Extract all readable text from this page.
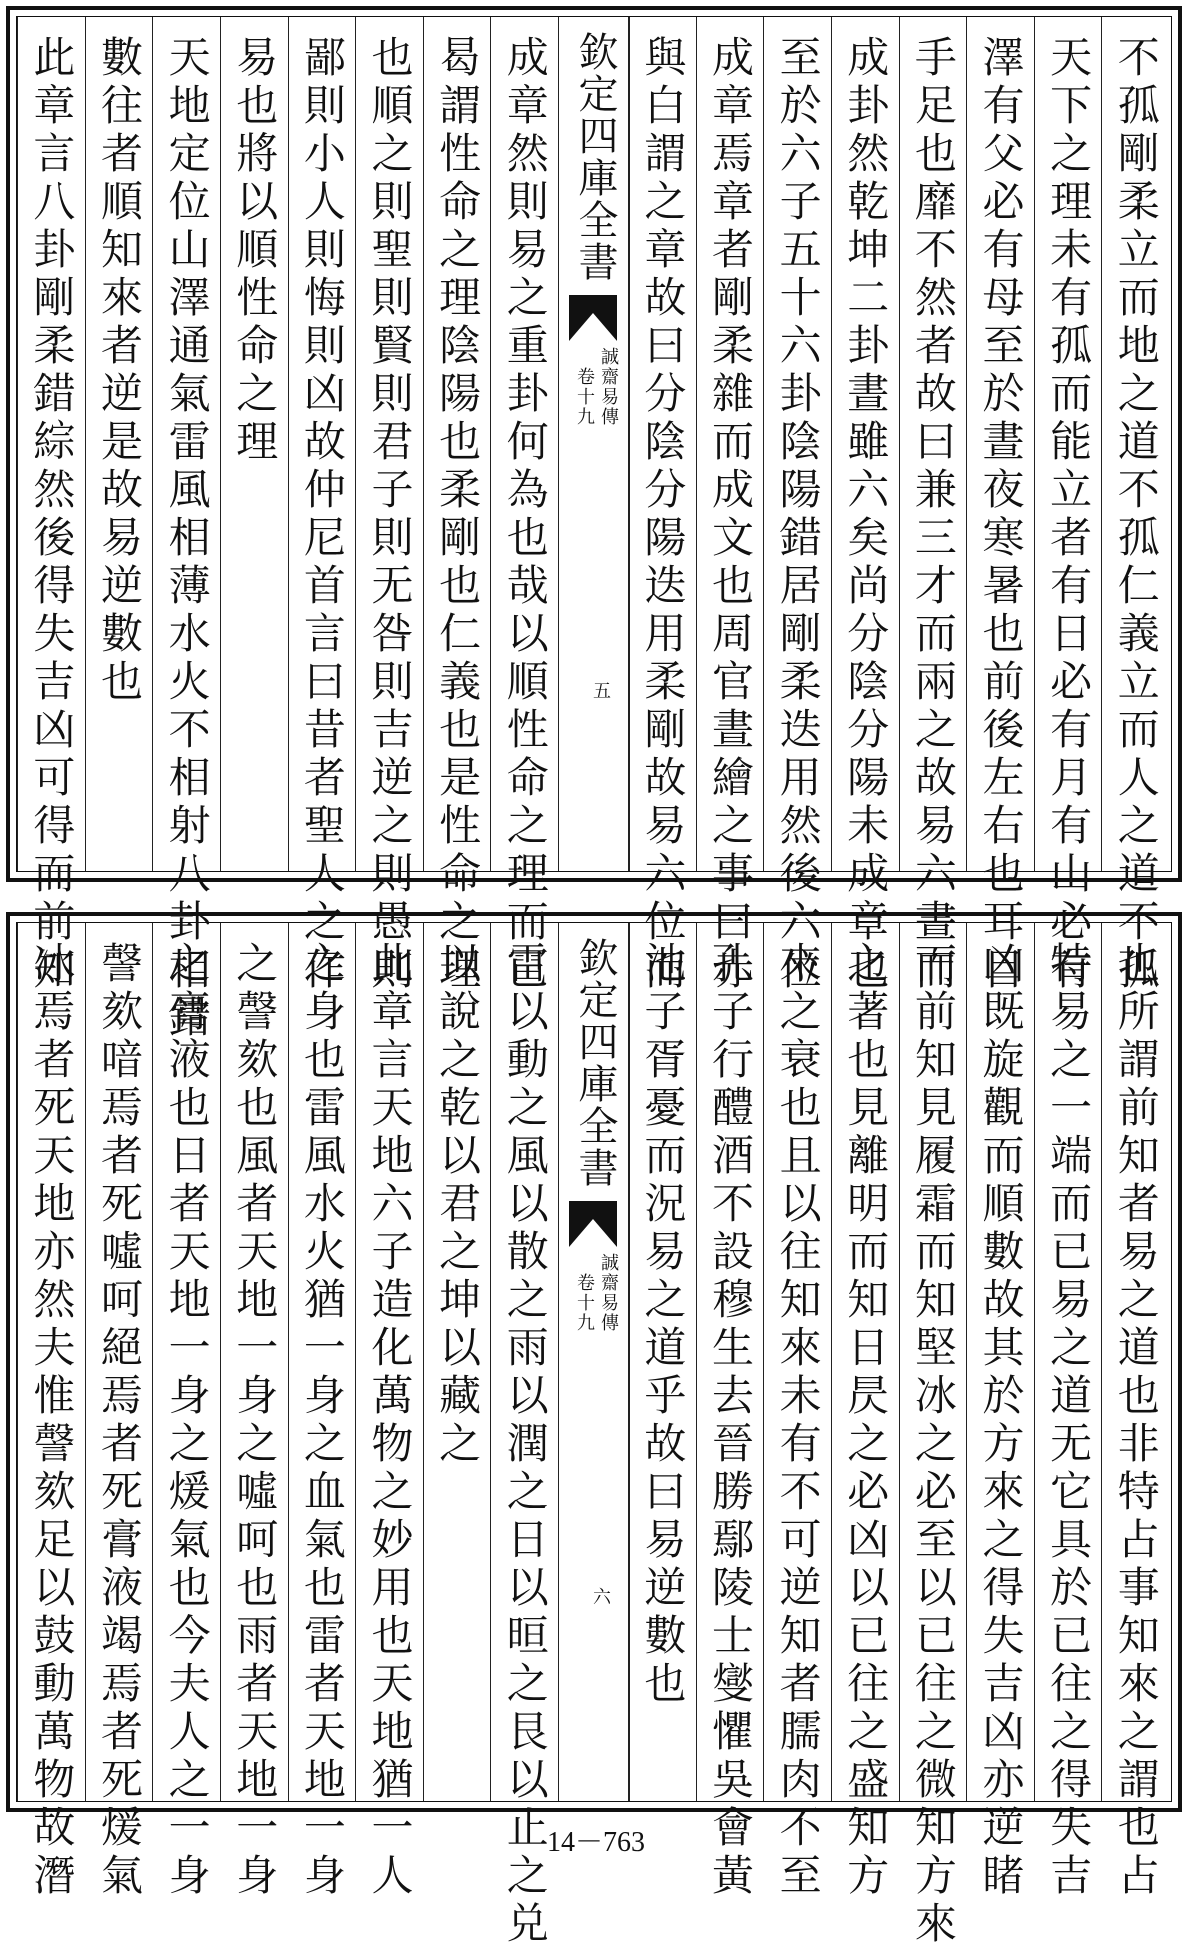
不孤剛柔立而地之道不孤仁義立而人之道不孤
天下之理未有孤而能立者有日必有月有山必有
澤有父必有母至於晝夜寒暑也前後左右也耳目
手足也靡不然者故曰兼三才而兩之故易六晝而
成卦然乾坤二卦晝雖六矣尚分陰分陽未成章也
至於六子五十六卦陰陽錯居剛柔迭用然後六位
成章焉章者剛柔雜而成文也周官晝繪之事曰赤
與白謂之章故曰分陰分陽迭用柔剛故易六位而
成章然則易之重卦何為也哉以順性命之理而已
曷謂性命之理陰陽也柔剛也仁義也是性命之理
也順之則聖則賢則君子則无咎則吉逆之則愚則
鄙則小人則悔則凶故仲尼首言曰昔者聖人之作
易也將以順性命之理
天地定位山澤通氣雷風相薄水火不相射八卦相錯
數往者順知來者逆是故易逆數也
此章言八卦剛柔錯綜然後得失吉凶可得而前知	欽定四庫全書
誠齋易傳
卷十九
五
也所謂前知者易之道也非特占事知來之謂也占
特易之一端而已易之道无它具於已往之得失吉
凶既旋觀而順數故其於方來之得失吉凶亦逆睹
而前知見履霜而知堅冰之必至以已往之微知方來
之著也見離明而知日昃之必凶以已往之盛知方
來之衰也且以往知來未有不可逆知者臑肉不至
孔子行醴酒不設穆生去晉勝鄢陵士燮懼吳會黃
池子胥憂而況易之道乎故曰易逆數也
雷以動之風以散之雨以潤之日以晅之艮以止之兑
以說之乾以君之坤以藏之
此章言天地六子造化萬物之妙用也天地猶一人
之身也雷風水火猶一身之血氣也雷者天地一身
之謦欬也風者天地一身之噓呵也雨者天地一身
之膏液也日者天地一身之煖氣也今夫人之一身
謦欬喑焉者死噓呵絕焉者死膏液竭焉者死煖氣
冰焉者死天地亦然夫惟謦欬足以鼓動萬物故潛	欽定四庫全書
誠齋易傳
卷十九
六
14－763
